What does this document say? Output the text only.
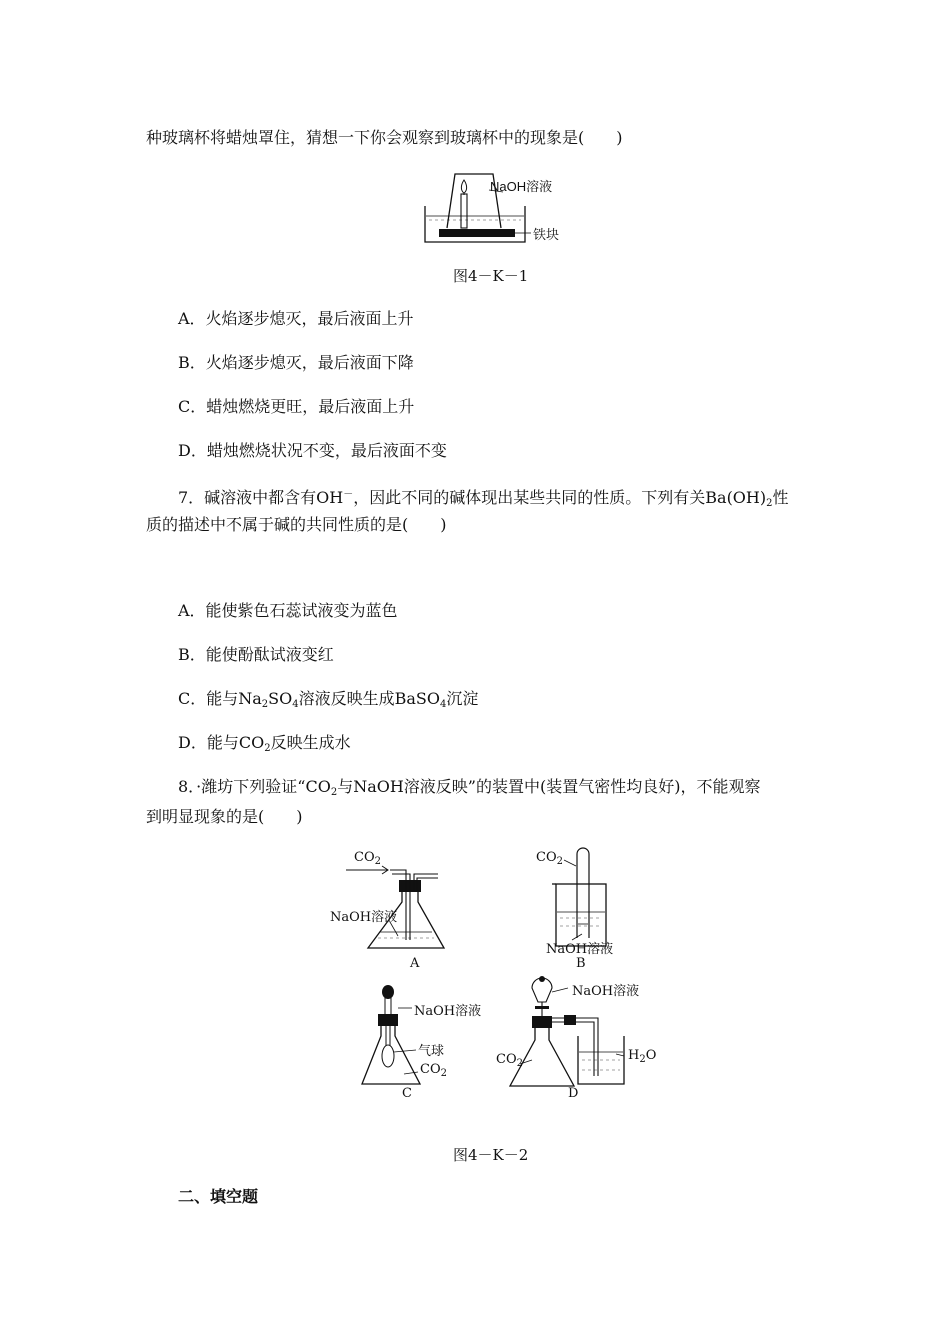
种玻璃杯将蜡烛罩住，猜想一下你会观察到玻璃杯中的现象是(　　)
NaOH溶液
铁块
图4－K－1
A．火焰逐步熄灭，最后液面上升
B．火焰逐步熄灭，最后液面下降
C．蜡烛燃烧更旺，最后液面上升
D．蜡烛燃烧状况不变，最后液面不变
7．碱溶液中都含有OH－，因此不同的碱体现出某些共同的性质。下列有关$Ba(OH)_2$性
质的描述中不属于碱的共同性质的是(　　)
A．能使紫色石蕊试液变为蓝色
B．能使酚酞试液变红
C．能与$Na_2SO_4$溶液反映生成BaSO$_4$沉淀
D．能与$CO_2$反映生成水
8．·潍坊下列验证“$CO_2$与NaOH溶液反映”的装置中(装置气密性均良好)，不能观察
到明显现象的是(　　)
$CO_2$
NaOH溶液
A
$CO_2$
NaOH溶液
B
NaOH溶液
气球
$CO_2$
C
NaOH溶液
$CO_2$
$H_2O$
D
图4－K－2
二、填空题
